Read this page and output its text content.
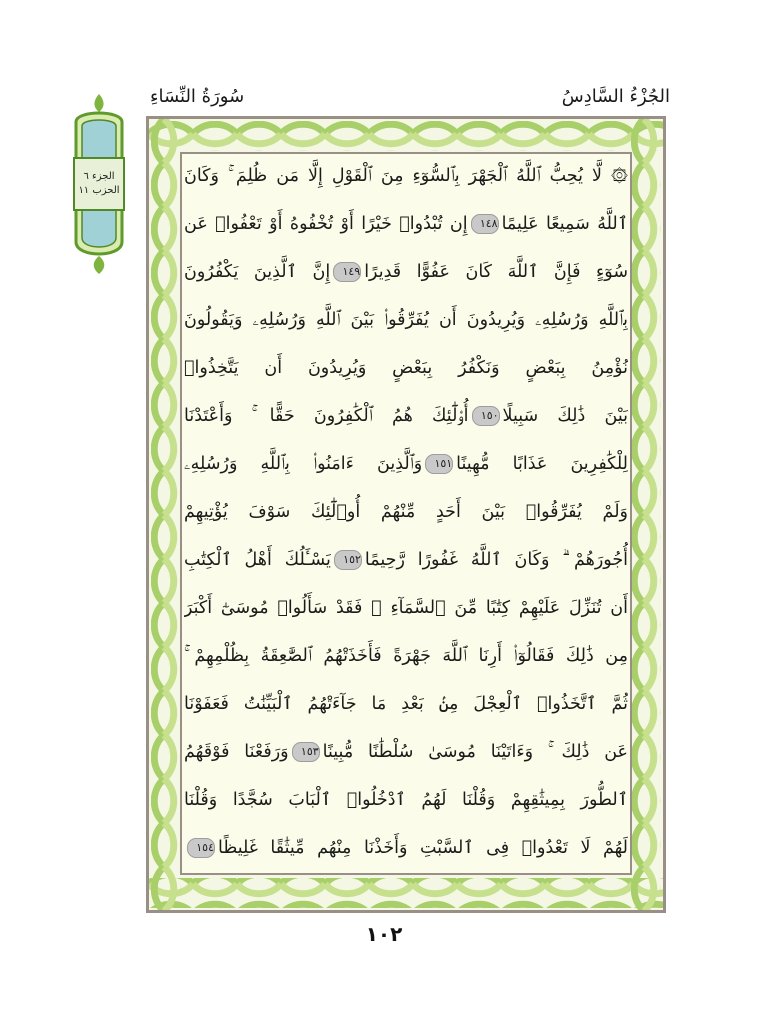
الجُزْءُ السَّادِسُ
سُورَةُ النِّسَاءِ
الجزء ٦
الحزب ١١
۞ لَّا يُحِبُّ ٱللَّهُ ٱلْجَهْرَ بِٱلسُّوٓءِ مِنَ ٱلْقَوْلِ إِلَّا مَن ظُلِمَ ۚ وَكَانَ
ٱللَّهُ سَمِيعًا عَلِيمًا١٤٨إِن تُبْدُوا۟ خَيْرًا أَوْ تُخْفُوهُ أَوْ تَعْفُوا۟ عَن
سُوٓءٍ فَإِنَّ ٱللَّهَ كَانَ عَفُوًّا قَدِيرًا١٤٩إِنَّ ٱلَّذِينَ يَكْفُرُونَ
بِٱللَّهِ وَرُسُلِهِۦ وَيُرِيدُونَ أَن يُفَرِّقُوا۟ بَيْنَ ٱللَّهِ وَرُسُلِهِۦ وَيَقُولُونَ
نُؤْمِنُ بِبَعْضٍ وَنَكْفُرُ بِبَعْضٍ وَيُرِيدُونَ أَن يَتَّخِذُوا۟
بَيْنَ ذَٰلِكَ سَبِيلًا١٥٠أُو۟لَٰٓئِكَ هُمُ ٱلْكَٰفِرُونَ حَقًّا ۚ وَأَعْتَدْنَا
لِلْكَٰفِرِينَ عَذَابًا مُّهِينًا١٥١وَٱلَّذِينَ ءَامَنُوا۟ بِٱللَّهِ وَرُسُلِهِۦ
وَلَمْ يُفَرِّقُوا۟ بَيْنَ أَحَدٍ مِّنْهُمْ أُو۟لَٰٓئِكَ سَوْفَ يُؤْتِيهِمْ
أُجُورَهُمْ ۗ وَكَانَ ٱللَّهُ غَفُورًا رَّحِيمًا١٥٢يَسْـَٔلُكَ أَهْلُ ٱلْكِتَٰبِ
أَن تُنَزِّلَ عَلَيْهِمْ كِتَٰبًا مِّنَ ٱلسَّمَآءِ ۚ فَقَدْ سَأَلُوا۟ مُوسَىٰٓ أَكْبَرَ
مِن ذَٰلِكَ فَقَالُوٓا۟ أَرِنَا ٱللَّهَ جَهْرَةً فَأَخَذَتْهُمُ ٱلصَّٰعِقَةُ بِظُلْمِهِمْ ۚ
ثُمَّ ٱتَّخَذُوا۟ ٱلْعِجْلَ مِنۢ بَعْدِ مَا جَآءَتْهُمُ ٱلْبَيِّنَٰتُ فَعَفَوْنَا
عَن ذَٰلِكَ ۚ وَءَاتَيْنَا مُوسَىٰ سُلْطَٰنًا مُّبِينًا١٥٣وَرَفَعْنَا فَوْقَهُمُ
ٱلطُّورَ بِمِيثَٰقِهِمْ وَقُلْنَا لَهُمُ ٱدْخُلُوا۟ ٱلْبَابَ سُجَّدًا وَقُلْنَا
لَهُمْ لَا تَعْدُوا۟ فِى ٱلسَّبْتِ وَأَخَذْنَا مِنْهُم مِّيثَٰقًا غَلِيظًا١٥٤
١٠٢
